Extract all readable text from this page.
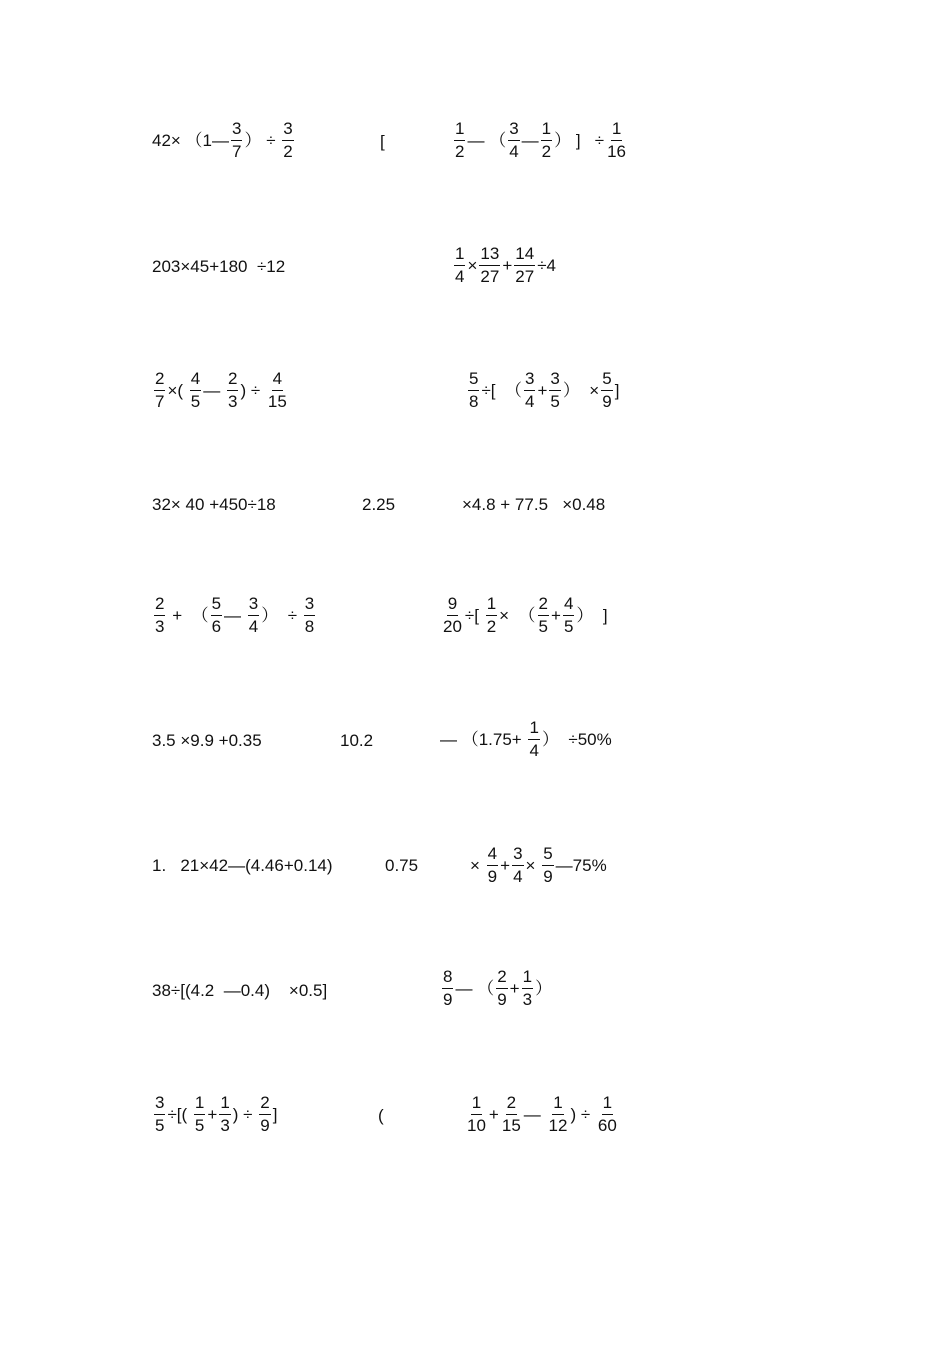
42× （1— $\frac{3}{7}$ ） ÷ $\frac{3}{2}$	[	$\frac{1}{2}$ — （ $\frac{3}{4}$ — $\frac{1}{2}$ ） ]   ÷ $\frac{1}{16}$
203×45+180  ÷12	$\frac{1}{4} \times \frac{13}{27} + \frac{14}{27} \div 4$
$\frac{2}{7}$ ×( $\frac{4}{5}$ — $\frac{2}{3}$ ) ÷ $\frac{4}{15}$	$\frac{5}{8}$ ÷[  （ $\frac{3}{4} + \frac{3}{5}$ ）  × $\frac{5}{9}$ ]
32× 40 +450÷18	2.25	×4.8 + 77.5   ×0.48
$\frac{2}{3}$ +  （ $\frac{5}{6}$ — $\frac{3}{4}$ ）  ÷ $\frac{3}{8}$	$\frac{9}{20}$ ÷[ $\frac{1}{2}$ ×  （ $\frac{2}{5} + \frac{4}{5}$ ）  ]
3.5 ×9.9 +0.35	10.2	— （$1.75+ \frac{1}{4}$ ）  ÷50%
1.   21×42—(4.46+0.14)	0.75	× $\frac{4}{9} + \frac{3}{4} \times \frac{5}{9}$ —75%
38÷[(4.2  —0.4)    ×0.5]	$\frac{8}{9}$ — （ $\frac{2}{9} + \frac{1}{3}$ ）
$\frac{3}{5}$ ÷[( $\frac{1}{5} + \frac{1}{3}$ ) ÷ $\frac{2}{9}$ ]	(	$\frac{1}{10} + \frac{2}{15}$ — $\frac{1}{12}$ ) ÷ $\frac{1}{60}$
